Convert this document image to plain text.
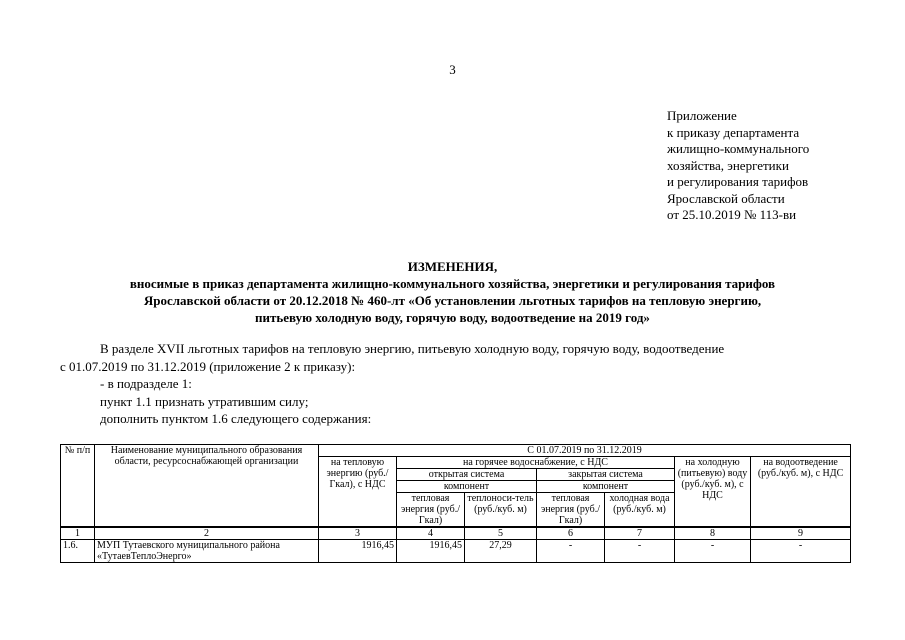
3
Приложение
к приказу департамента
жилищно-коммунального
хозяйства, энергетики
и регулирования тарифов
Ярославской области
от 25.10.2019 № 113-ви
ИЗМЕНЕНИЯ,
вносимые в приказ департамента жилищно-коммунального хозяйства, энергетики и регулирования тарифов
Ярославской области от 20.12.2018 № 460-лт «Об установлении льготных тарифов на тепловую энергию,
питьевую холодную воду, горячую воду, водоотведение на 2019 год»
В разделе XVII льготных тарифов на тепловую энергию, питьевую холодную воду, горячую воду, водоотведение
с 01.07.2019 по 31.12.2019 (приложение 2 к приказу):
- в подразделе 1:
пункт 1.1 признать утратившим силу;
дополнить пунктом 1.6 следующего содержания:
№ п/п	Наименование муниципального образования области, ресурсоснабжающей организации	С 01.07.2019 по 31.12.2019						
		на тепловую энергию (руб./Гкал), с НДС	на горячее водоснабжение, с НДС				на холодную (питьевую) воду (руб./куб. м), с НДС	на водоотведение (руб./куб. м), с НДС
			открытая система		закрытая система			
			компонент		компонент			
			тепловая энергия (руб./Гкал)	теплоноси-тель (руб./куб. м)	тепловая энергия (руб./Гкал)	холодная вода (руб./куб. м)		
1	2	3	4	5	6	7	8	9
1.6.	МУП Тутаевского муниципального района «ТутаевТеплоЭнерго»	1916,45	1916,45	27,29	-	-	-	-
